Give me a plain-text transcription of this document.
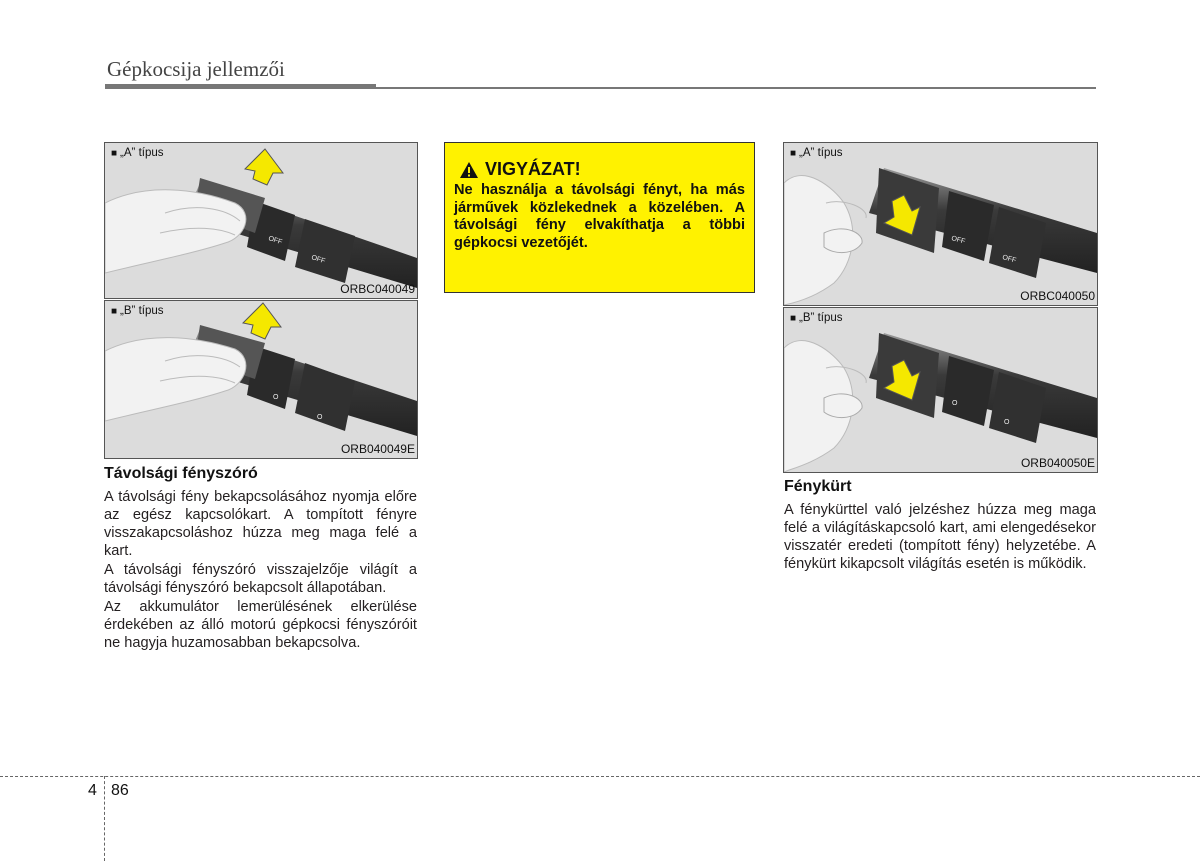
Gépkocsija jellemzői
OFF
OFF
■ „A” típus
ORBC040049
O
O
■ „B” típus
ORB040049E
Távolsági fényszóró

A távolsági fény bekapcsolásához nyomja előre az egész kapcsolókart. A tompított fényre visszakapcsoláshoz húzza meg maga felé a kart.

A távolsági fényszóró visszajelzője világít a távolsági fényszóró bekapcsolt állapotában.

Az akkumulátor lemerülésének elkerülése érdekében az álló motorú gépkocsi fényszóróit ne hagyja huzamosabban bekapcsolva.

VIGYÁZAT!
Ne használja a távolsági fényt, ha más járművek közlekednek a közelében. A távolsági fény elvakíthatja a többi gépkocsi vezetőjét.	OFF
OFF
■ „A” típus
ORBC040050
O
O
■ „B” típus
ORB040050E
Fénykürt

A fénykürttel való jelzéshez húzza meg maga felé a világításkapcsoló kart, ami elengedésekor visszatér eredeti (tompított fény) helyzetébe. A fénykürt kikapcsolt világítás esetén is működik.

4 86
